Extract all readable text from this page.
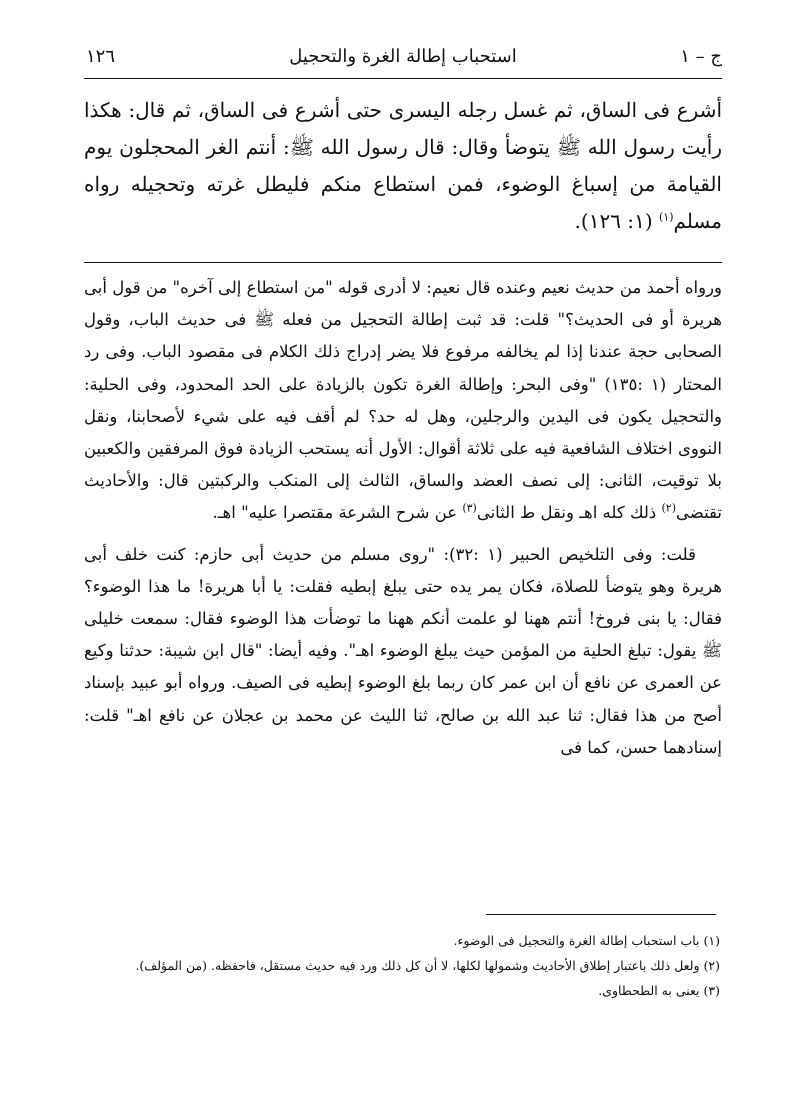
ج – ١
استحباب إطالة الغرة والتحجيل
١٢٦

أشرع فى الساق، ثم غسل رجله اليسرى حتى أشرع فى الساق، ثم قال: هكذا رأيت رسول الله ﷺ يتوضأ وقال: قال رسول الله ﷺ: أنتم الغر المحجلون يوم القيامة من إسباغ الوضوء، فمن استطاع منكم فليطل غرته وتحجيله رواه مسلم$^{(١)}$ (١: ١٢٦).

ورواه أحمد من حديث نعيم وعنده قال نعيم: لا أدرى قوله "من استطاع إلى آخره" من قول أبى هريرة أو فى الحديث؟" قلت: قد ثبت إطالة التحجيل من فعله ﷺ فى حديث الباب، وقول الصحابى حجة عندنا إذا لم يخالفه مرفوع فلا يضر إدراج ذلك الكلام فى مقصود الباب. وفى رد المحتار (١ :١٣٥) "وفى البحر: وإطالة الغرة تكون بالزيادة على الحد المحدود، وفى الحلية: والتحجيل يكون فى اليدين والرجلين، وهل له حد؟ لم أقف فيه على شيء لأصحابنا، ونقل النووى اختلاف الشافعية فيه على ثلاثة أقوال: الأول أنه يستحب الزيادة فوق المرفقين والكعبين بلا توقيت، الثانى: إلى نصف العضد والساق، الثالث إلى المنكب والركبتين قال: والأحاديث تقتضى$^{(٢)}$ ذلك كله اهـ ونقل ط الثانى$^{(٣)}$ عن شرح الشرعة مقتصرا عليه" اهـ.

قلت: وفى التلخيص الحبير (١ :٣٢): "روى مسلم من حديث أبى حازم: كنت خلف أبى هريرة وهو يتوضأ للصلاة، فكان يمر يده حتى يبلغ إبطيه فقلت: يا أبا هريرة! ما هذا الوضوء؟ فقال: يا بنى فروخ! أنتم ههنا لو علمت أنكم ههنا ما توضأت هذا الوضوء فقال: سمعت خليلى ﷺ يقول: تبلغ الحلية من المؤمن حيث يبلغ الوضوء اهـ". وفيه أيضا: "قال ابن شيبة: حدثنا وكيع عن العمرى عن نافع أن ابن عمر كان ربما بلغ الوضوء إبطيه فى الصيف. ورواه أبو عبيد بإسناد أصح من هذا فقال: ثنا عبد الله بن صالح، ثنا الليث عن محمد بن عجلان عن نافع اهـ" قلت: إسنادهما حسن، كما فى

(١) باب استحباب إطالة الغرة والتحجيل فى الوضوء.

(٢) ولعل ذلك باعتبار إطلاق الأحاديث وشمولها لكلها، لا أن كل ذلك ورد فيه حديث مستقل، فاحفظه. (من المؤلف).

(٣) يعنى به الطحطاوى.
